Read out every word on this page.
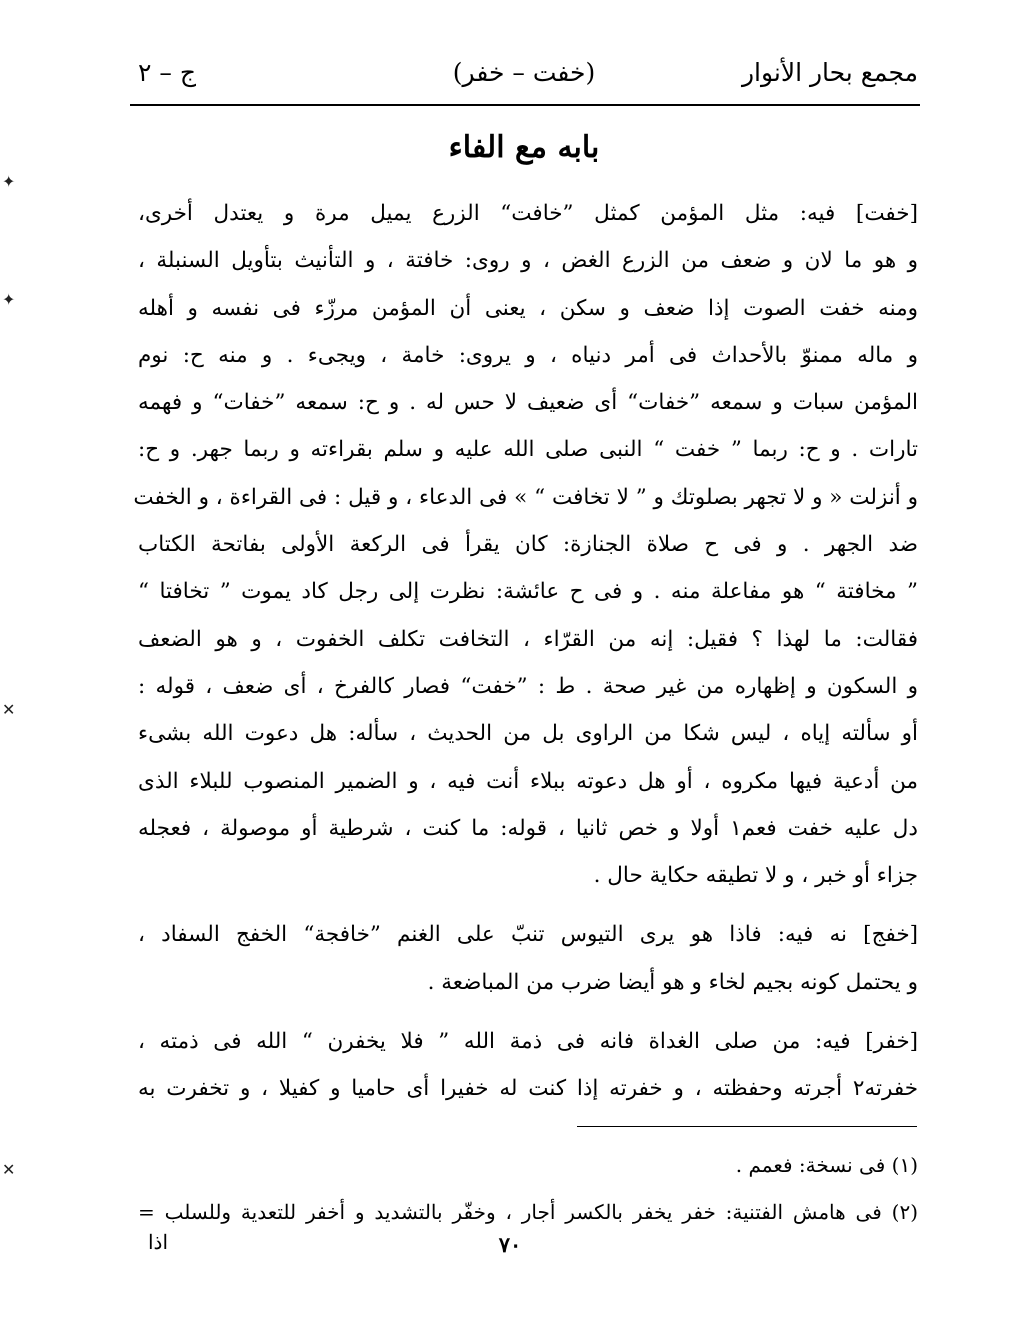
مجمع بحار الأنوار
(خفت – خفر)
ج – ٢
بابه مع الفاء
[خفت] فيه: مثل المؤمن كمثل ”خافت“ الزرع يميل مرة و يعتدل أخرى،
و هو ما لان و ضعف من الزرع الغض ، و روى: خافتة ، و التأنيث بتأويل السنبلة ،
ومنه خفت الصوت إذا ضعف و سكن ، يعنى أن المؤمن مرزّء فى نفسه و أهله
و ماله ممنوّ بالأحداث فى أمر دنياه ، و يروى: خامة ، ويجىء . و منه ح: نوم
المؤمن سبات و سمعه ”خفات“ أى ضعيف لا حس له . و ح: سمعه ”خفات“ و فهمه
تارات . و ح: ربما ” خفت “ النبى صلى الله عليه و سلم بقراءته و ربما جهر. و ح:
و أنزلت « و لا تجهر بصلوتك و ” لا تخافت “ » فى الدعاء ، و قيل : فى القراءة ، و الخفت
ضد الجهر . و فى ح صلاة الجنازة: كان يقرأ فى الركعة الأولى بفاتحة الكتاب
” مخافتة “ هو مفاعلة منه . و فى ح عائشة: نظرت إلى رجل كاد يموت ” تخافتا “
فقالت: ما لهذا ؟ فقيل: إنه من القرّاء ، التخافت تكلف الخفوت ، و هو الضعف
و السكون و إظهاره من غير صحة . ط : ”خفت“ فصار كالفرخ ، أى ضعف ، قوله :
أو سألته إياه ، ليس شكا من الراوى بل من الحديث ، سأله: هل دعوت الله بشىء
من أدعية فيها مكروه ، أو هل دعوته ببلاء أنت فيه ، و الضمير المنصوب للبلاء الذى
دل عليه خفت فعم١ أولا و خص ثانيا ، قوله: ما كنت ، شرطية أو موصولة ، فعجله
جزاء أو خبر ، و لا تطيقه حكاية حال .
[خفج] نه فيه: فاذا هو يرى التيوس تنبّ على الغنم ”خافجة“ الخفج السفاد ،
و يحتمل كونه بجيم لخاء و هو أيضا ضرب من المباضعة .
[خفر] فيه: من صلى الغداة فانه فى ذمة الله ” فلا يخفرن “ الله فى ذمته ،
خفرته٢ أجرته وحفظته ، و خفرته إذا كنت له خفيرا أى حاميا و كفيلا ، و تخفرت به
(١) فى نسخة: فعمم .
(٢) فى هامش الفتنية: خفر يخفر بالكسر أجار ، وخفّر بالتشديد و أخفر للتعدية وللسلب =
اذا	٧٠
✦
✦
✕
✕
